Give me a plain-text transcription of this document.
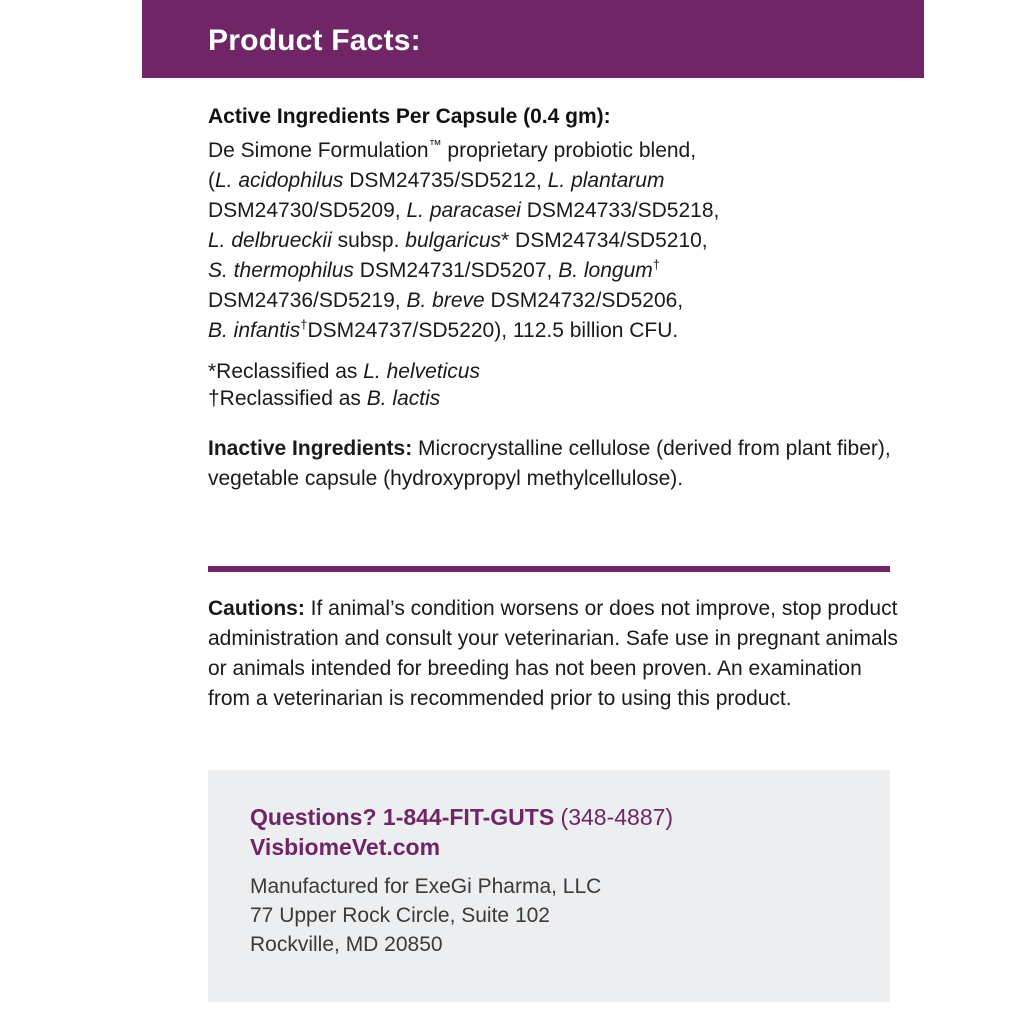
Product Facts:
Active Ingredients Per Capsule (0.4 gm):
De Simone Formulation™ proprietary probiotic blend,
(L. acidophilus DSM24735/SD5212, L. plantarum
DSM24730/SD5209, L. paracasei DSM24733/SD5218,
L. delbrueckii subsp. bulgaricus* DSM24734/SD5210,
S. thermophilus DSM24731/SD5207, B. longum†
DSM24736/SD5219, B. breve DSM24732/SD5206,
B. infantis†DSM24737/SD5220), 112.5 billion CFU.
*Reclassified as L. helveticus
†Reclassified as B. lactis
Inactive Ingredients: Microcrystalline cellulose (derived from plant fiber), vegetable capsule (hydroxypropyl methylcellulose).
Cautions: If animal’s condition worsens or does not improve, stop product administration and consult your veterinarian. Safe use in pregnant animals or animals intended for breeding has not been proven. An examination from a veterinarian is recommended prior to using this product.
Questions? 1-844-FIT-GUTS (348-4887)
VisbiomeVet.com
Manufactured for ExeGi Pharma, LLC
77 Upper Rock Circle, Suite 102
Rockville, MD 20850
